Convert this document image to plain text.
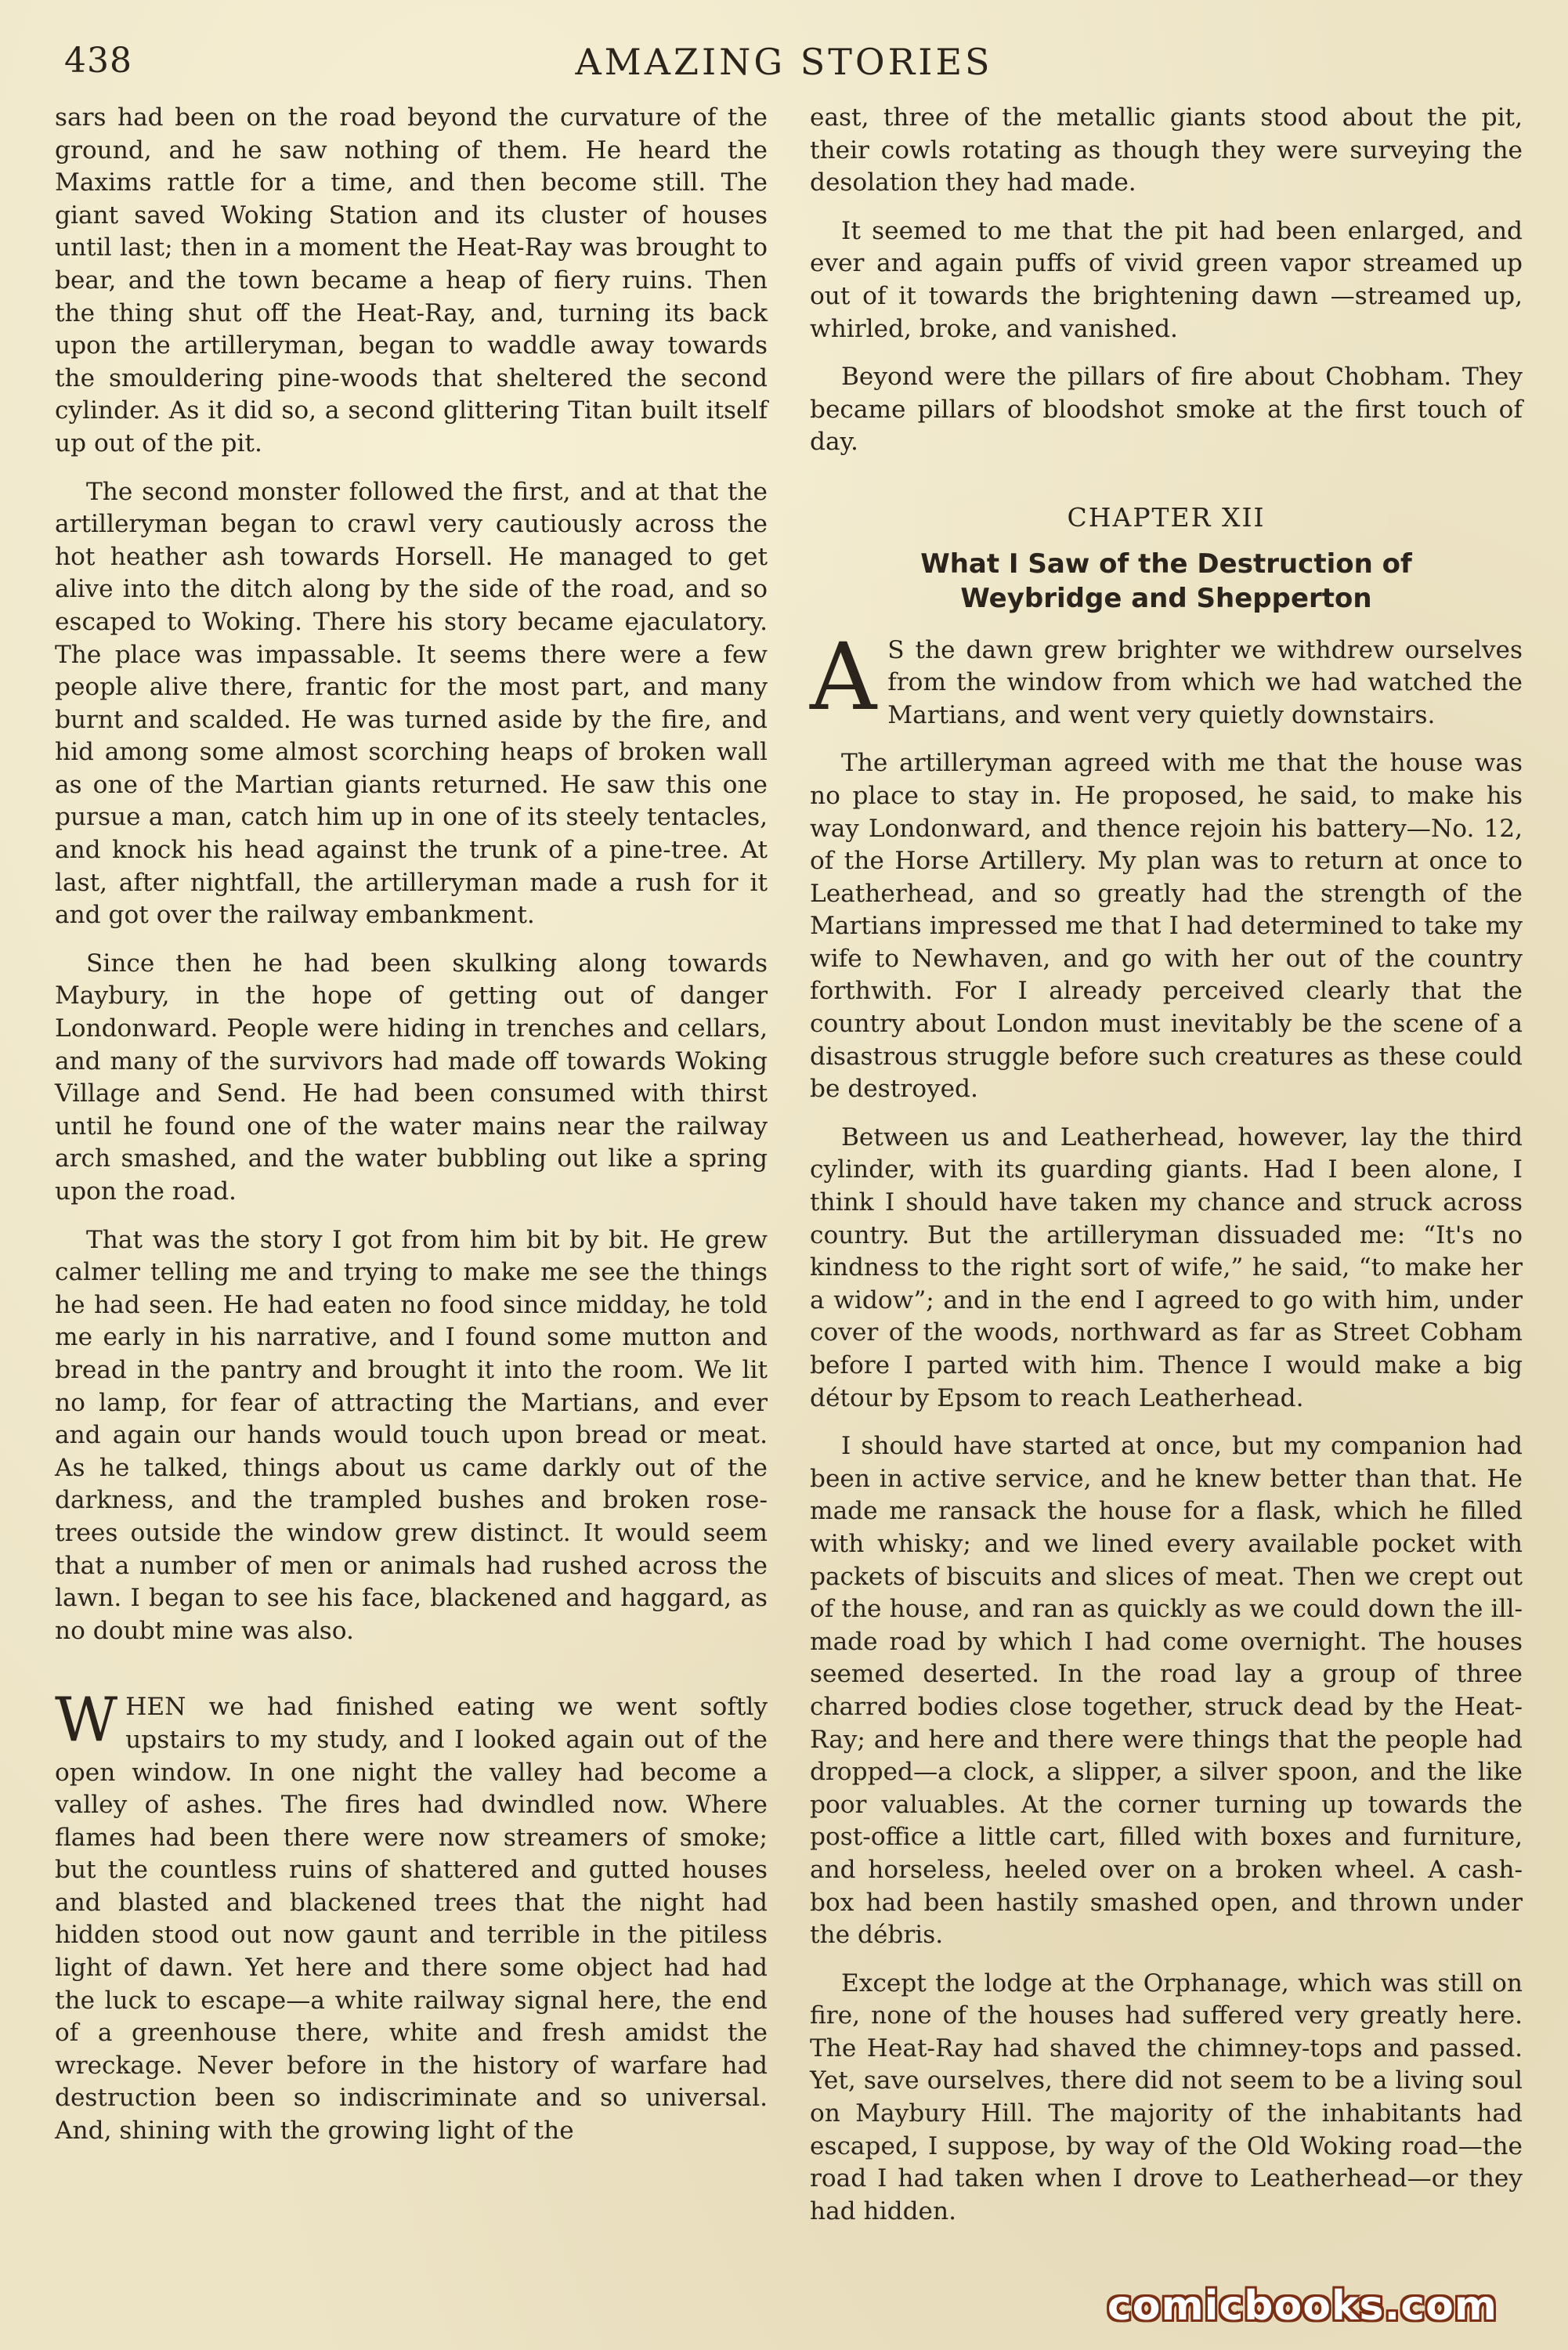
438	AMAZING STORIES

sars had been on the road beyond the curvature of the ground, and he saw nothing of them. He heard the Maxims rattle for a time, and then become still. The giant saved Woking Station and its cluster of houses until last; then in a moment the Heat-Ray was brought to bear, and the town became a heap of fiery ruins. Then the thing shut off the Heat-Ray, and, turning its back upon the artilleryman, began to waddle away towards the smouldering pine-woods that sheltered the second cylinder. As it did so, a second glittering Titan built itself up out of the pit.

The second monster followed the first, and at that the artilleryman began to crawl very cautiously across the hot heather ash towards Horsell. He managed to get alive into the ditch along by the side of the road, and so escaped to Woking. There his story became ejaculatory. The place was impassable. It seems there were a few people alive there, frantic for the most part, and many burnt and scalded. He was turned aside by the fire, and hid among some almost scorching heaps of broken wall as one of the Martian giants returned. He saw this one pursue a man, catch him up in one of its steely tentacles, and knock his head against the trunk of a pine-tree. At last, after nightfall, the artilleryman made a rush for it and got over the railway embankment.

Since then he had been skulking along towards Maybury, in the hope of getting out of danger Londonward. People were hiding in trenches and cellars, and many of the survivors had made off towards Woking Village and Send. He had been consumed with thirst until he found one of the water mains near the railway arch smashed, and the water bubbling out like a spring upon the road.

That was the story I got from him bit by bit. He grew calmer telling me and trying to make me see the things he had seen. He had eaten no food since midday, he told me early in his narrative, and I found some mutton and bread in the pantry and brought it into the room. We lit no lamp, for fear of attracting the Martians, and ever and again our hands would touch upon bread or meat. As he talked, things about us came darkly out of the darkness, and the trampled bushes and broken rose-trees outside the window grew distinct. It would seem that a number of men or animals had rushed across the lawn. I began to see his face, blackened and haggard, as no doubt mine was also.

WHEN we had finished eating we went softly upstairs to my study, and I looked again out of the open window. In one night the valley had become a valley of ashes. The fires had dwindled now. Where flames had been there were now streamers of smoke; but the countless ruins of shattered and gutted houses and blasted and blackened trees that the night had hidden stood out now gaunt and terrible in the pitiless light of dawn. Yet here and there some object had had the luck to escape—a white railway signal here, the end of a greenhouse there, white and fresh amidst the wreckage. Never before in the history of warfare had destruction been so indiscriminate and so universal. And, shining with the growing light of the

east, three of the metallic giants stood about the pit, their cowls rotating as though they were surveying the desolation they had made.

It seemed to me that the pit had been enlarged, and ever and again puffs of vivid green vapor streamed up out of it towards the brightening dawn —streamed up, whirled, broke, and vanished.

Beyond were the pillars of fire about Chobham. They became pillars of bloodshot smoke at the first touch of day.

CHAPTER XII
What I Saw of the Destruction of Weybridge and Shepperton

A S the dawn grew brighter we withdrew ourselves from the window from which we had watched the Martians, and went very quietly downstairs.

The artilleryman agreed with me that the house was no place to stay in. He proposed, he said, to make his way Londonward, and thence rejoin his battery—No. 12, of the Horse Artillery. My plan was to return at once to Leatherhead, and so greatly had the strength of the Martians impressed me that I had determined to take my wife to Newhaven, and go with her out of the country forthwith. For I already perceived clearly that the country about London must inevitably be the scene of a disastrous struggle before such creatures as these could be destroyed.

Between us and Leatherhead, however, lay the third cylinder, with its guarding giants. Had I been alone, I think I should have taken my chance and struck across country. But the artilleryman dissuaded me: “It's no kindness to the right sort of wife,” he said, “to make her a widow”; and in the end I agreed to go with him, under cover of the woods, northward as far as Street Cobham before I parted with him. Thence I would make a big détour by Epsom to reach Leatherhead.

I should have started at once, but my companion had been in active service, and he knew better than that. He made me ransack the house for a flask, which he filled with whisky; and we lined every available pocket with packets of biscuits and slices of meat. Then we crept out of the house, and ran as quickly as we could down the ill-made road by which I had come overnight. The houses seemed deserted. In the road lay a group of three charred bodies close together, struck dead by the Heat-Ray; and here and there were things that the people had dropped—a clock, a slipper, a silver spoon, and the like poor valuables. At the corner turning up towards the post-office a little cart, filled with boxes and furniture, and horseless, heeled over on a broken wheel. A cash-box had been hastily smashed open, and thrown under the débris.

Except the lodge at the Orphanage, which was still on fire, none of the houses had suffered very greatly here. The Heat-Ray had shaved the chimney-tops and passed. Yet, save ourselves, there did not seem to be a living soul on Maybury Hill. The majority of the inhabitants had escaped, I suppose, by way of the Old Woking road—the road I had taken when I drove to Leatherhead—or they had hidden.

comicbooks.com
